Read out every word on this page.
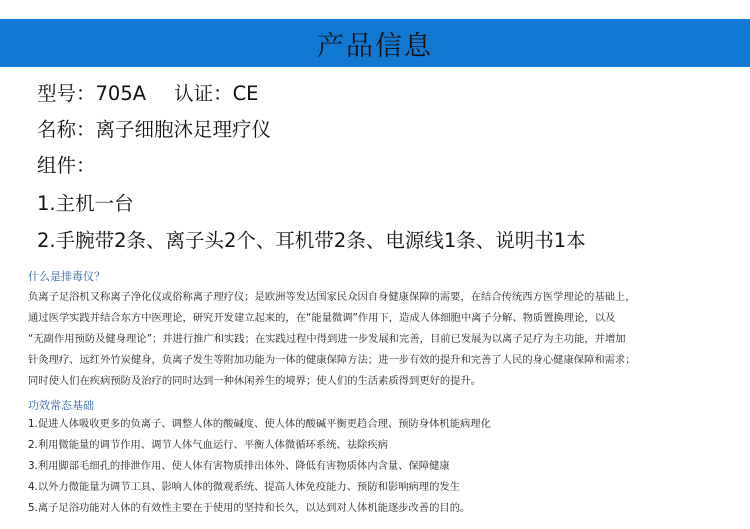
产品信息
型号：705A 认证：CE
名称：离子细胞沐足理疗仪
组件：
1.主机一台
2.手腕带2条、离子头2个、耳机带2条、电源线1条、说明书1本
什么是排毒仪？

负离子足浴机又称离子净化仪或俗称离子理疗仪；是欧洲等发达国家民众因自身健康保障的需要，在结合传统西方医学理论的基础上，

通过医学实践并结合东方中医理论，研究开发建立起来的，在“能量微调”作用下，造成人体细胞中离子分解、物质置换理论，以及

“无副作用预防及健身理论”；并进行推广和实践；在实践过程中得到进一步发展和完善，目前已发展为以离子足疗为主功能，并增加

针灸理疗、远红外竹炭健身，负离子发生等附加功能为一体的健康保障方法；进一步有效的提升和完善了人民的身心健康保障和需求；

同时使人们在疾病预防及治疗的同时达到一种休闲养生的境界；使人们的生活素质得到更好的提升。

功效常态基础
1.促进人体吸收更多的负离子、调整人体的酸碱度、使人体的酸碱平衡更趋合理、预防身体机能病理化
2.利用微能量的调节作用、调节人体气血运行、平衡人体微循环系统、祛除疾病
3.利用脚部毛细孔的排泄作用、使人体有害物质排出体外、降低有害物质体内含量、保障健康
4.以外力微能量为调节工具、影响人体的微观系统、提高人体免疫能力、预防和影响病理的发生
5.离子足浴功能对人体的有效性主要在于使用的坚持和长久，以达到对人体机能逐步改善的目的。
